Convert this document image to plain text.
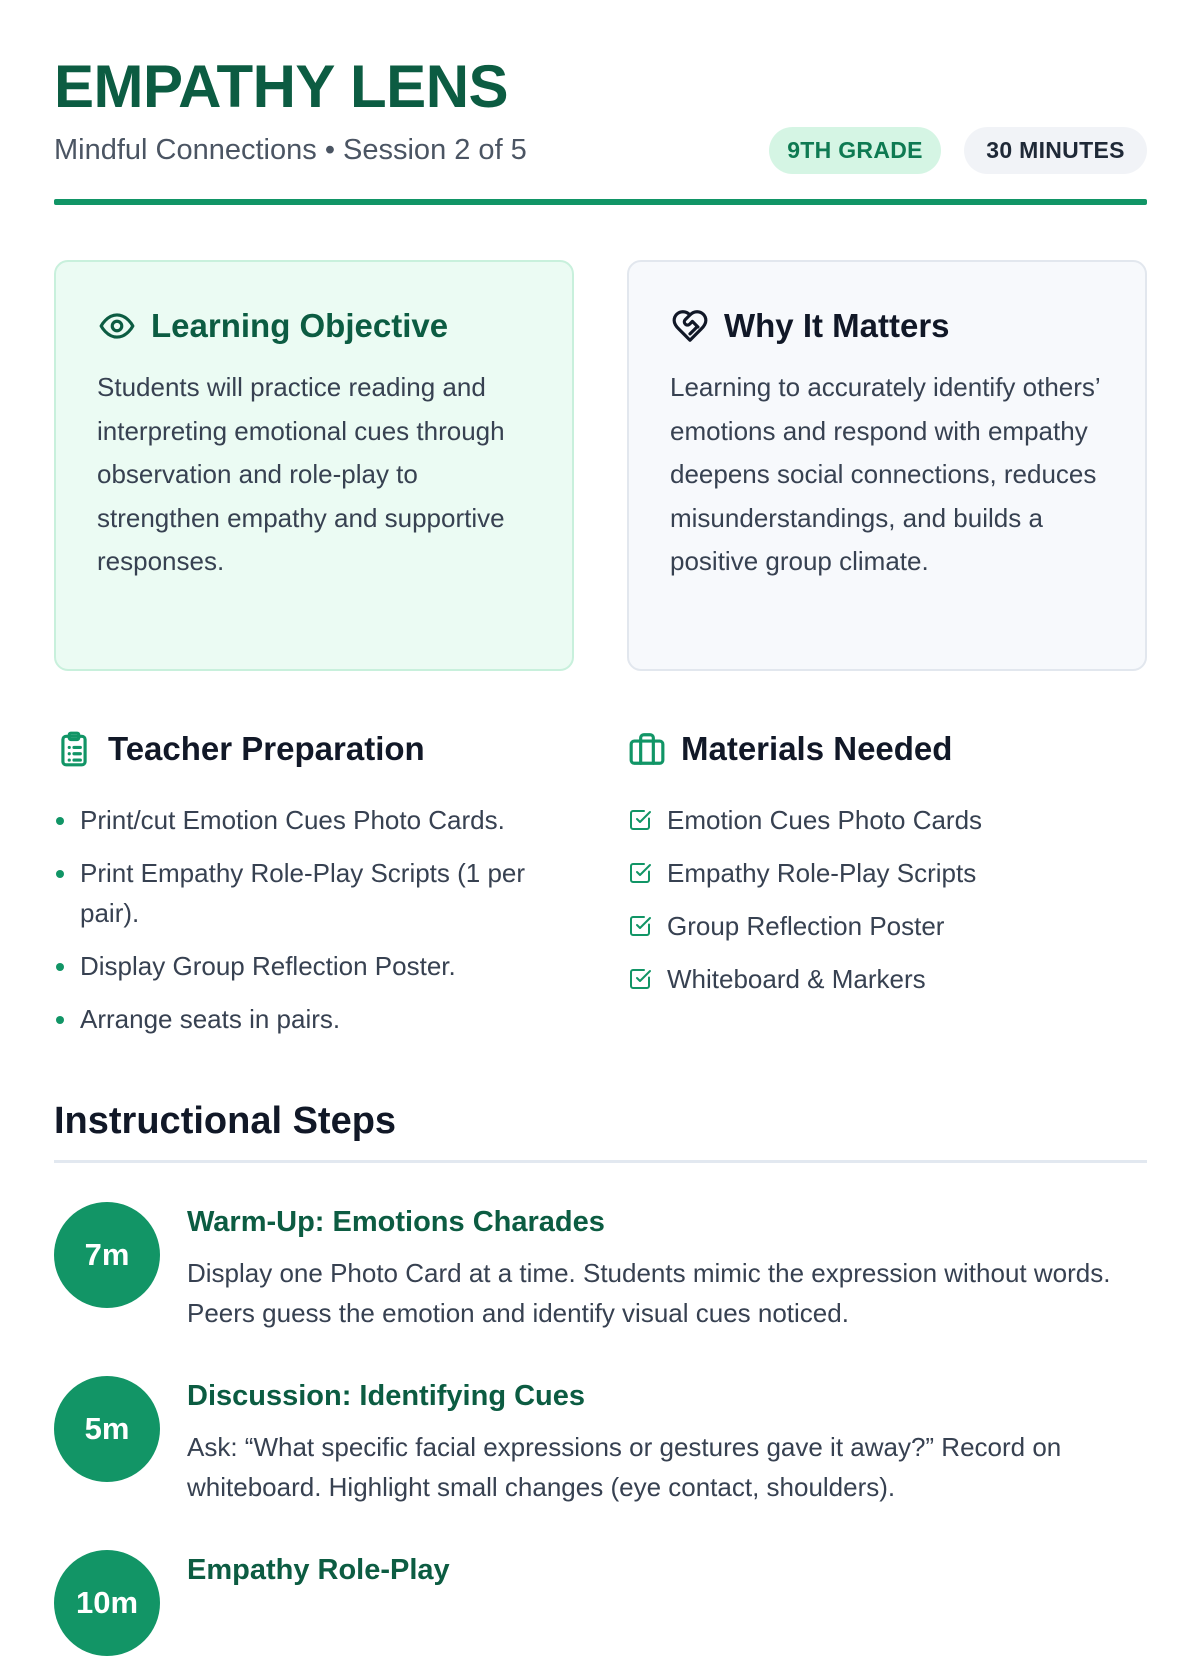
EMPATHY LENS
Mindful Connections • Session 2 of 5	9TH GRADE	30 MINUTES
Learning Objective

Students will practice reading and interpreting emotional cues through observation and role-play to strengthen empathy and supportive responses.

Why It Matters

Learning to accurately identify others’ emotions and respond with empathy deepens social connections, reduces misunderstandings, and builds a positive group climate.

Teacher Preparation
Print/cut Emotion Cues Photo Cards.
Print Empathy Role-Play Scripts (1 per pair).
Display Group Reflection Poster.
Arrange seats in pairs.
Materials Needed
Emotion Cues Photo Cards
Empathy Role-Play Scripts
Group Reflection Poster
Whiteboard & Markers
Instructional Steps
7m
Warm-Up: Emotions Charades
Display one Photo Card at a time. Students mimic the expression without words. Peers guess the emotion and identify visual cues noticed.
5m
Discussion: Identifying Cues
Ask: “What specific facial expressions or gestures gave it away?” Record on whiteboard. Highlight small changes (eye contact, shoulders).
10m
Empathy Role-Play
